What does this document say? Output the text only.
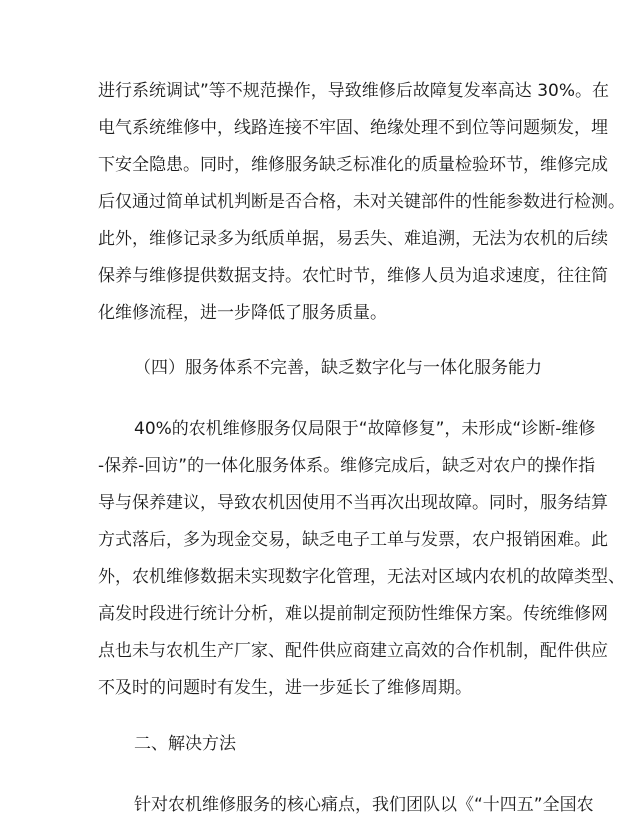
进行系统调试”等不规范操作，导致维修后故障复发率高达 30%。在
电气系统维修中，线路连接不牢固、绝缘处理不到位等问题频发，埋
下安全隐患。同时，维修服务缺乏标准化的质量检验环节，维修完成
后仅通过简单试机判断是否合格，未对关键部件的性能参数进行检测。
此外，维修记录多为纸质单据，易丢失、难追溯，无法为农机的后续
保养与维修提供数据支持。农忙时节，维修人员为追求速度，往往简
化维修流程，进一步降低了服务质量。
（四）服务体系不完善，缺乏数字化与一体化服务能力
40%的农机维修服务仅局限于“故障修复”，未形成“诊断-维修
-保养-回访”的一体化服务体系。维修完成后，缺乏对农户的操作指
导与保养建议，导致农机因使用不当再次出现故障。同时，服务结算
方式落后，多为现金交易，缺乏电子工单与发票，农户报销困难。此
外，农机维修数据未实现数字化管理，无法对区域内农机的故障类型、
高发时段进行统计分析，难以提前制定预防性维保方案。传统维修网
点也未与农机生产厂家、配件供应商建立高效的合作机制，配件供应
不及时的问题时有发生，进一步延长了维修周期。
二、解决方法
针对农机维修服务的核心痛点，我们团队以《“十四五”全国农
